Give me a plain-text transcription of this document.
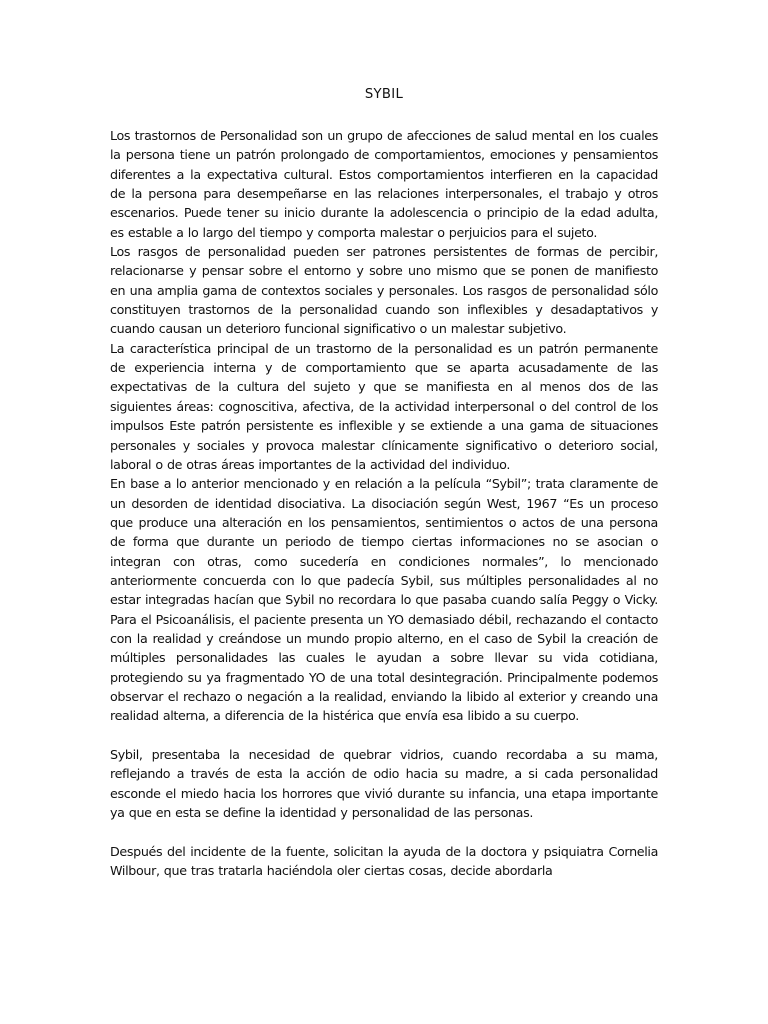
SYBIL

Los trastornos de Personalidad son un grupo de afecciones de salud mental en los cuales la persona tiene un patrón prolongado de comportamientos, emociones y pensamientos diferentes a la expectativa cultural. Estos comportamientos interfieren en la capacidad de la persona para desempeñarse en las relaciones interpersonales, el trabajo y otros escenarios. Puede tener su inicio durante la adolescencia o principio de la edad adulta, es estable a lo largo del tiempo y comporta malestar o perjuicios para el sujeto.

Los rasgos de personalidad pueden ser patrones persistentes de formas de percibir, relacionarse y pensar sobre el entorno y sobre uno mismo que se ponen de manifiesto en una amplia gama de contextos sociales y personales. Los rasgos de personalidad sólo constituyen trastornos de la personalidad cuando son inflexibles y desadaptativos y cuando causan un deterioro funcional significativo o un malestar subjetivo.

La característica principal de un trastorno de la personalidad es un patrón permanente de experiencia interna y de comportamiento que se aparta acusadamente de las expectativas de la cultura del sujeto y que se manifiesta en al menos dos de las siguientes áreas: cognoscitiva, afectiva, de la actividad interpersonal o del control de los impulsos Este patrón persistente es inflexible y se extiende a una gama de situaciones personales y sociales y provoca malestar clínicamente significativo o deterioro social, laboral o de otras áreas importantes de la actividad del individuo.

En base a lo anterior mencionado y en relación a la película “Sybil”; trata claramente de un desorden de identidad disociativa. La disociación según West, 1967 “Es un proceso que produce una alteración en los pensamientos, sentimientos o actos de una persona de forma que durante un periodo de tiempo ciertas informaciones no se asocian o integran con otras, como sucedería en condiciones normales”, lo mencionado anteriormente concuerda con lo que padecía Sybil, sus múltiples personalidades al no estar integradas hacían que Sybil no recordara lo que pasaba cuando salía Peggy o Vicky. Para el Psicoanálisis, el paciente presenta un YO demasiado débil, rechazando el contacto con la realidad y creándose un mundo propio alterno, en el caso de Sybil la creación de múltiples personalidades las cuales le ayudan a sobre llevar su vida cotidiana, protegiendo su ya fragmentado YO de una total desintegración. Principalmente podemos observar el rechazo o negación a la realidad, enviando la libido al exterior y creando una realidad alterna, a diferencia de la histérica que envía esa libido a su cuerpo.

Sybil, presentaba la necesidad de quebrar vidrios, cuando recordaba a su mama, reflejando a través de esta la acción de odio hacia su madre, a si cada personalidad esconde el miedo hacia los horrores que vivió durante su infancia, una etapa importante ya que en esta se define la identidad y personalidad de las personas.

Después del incidente de la fuente, solicitan la ayuda de la doctora y psiquiatra Cornelia Wilbour, que tras tratarla haciéndola oler ciertas cosas, decide abordarla
